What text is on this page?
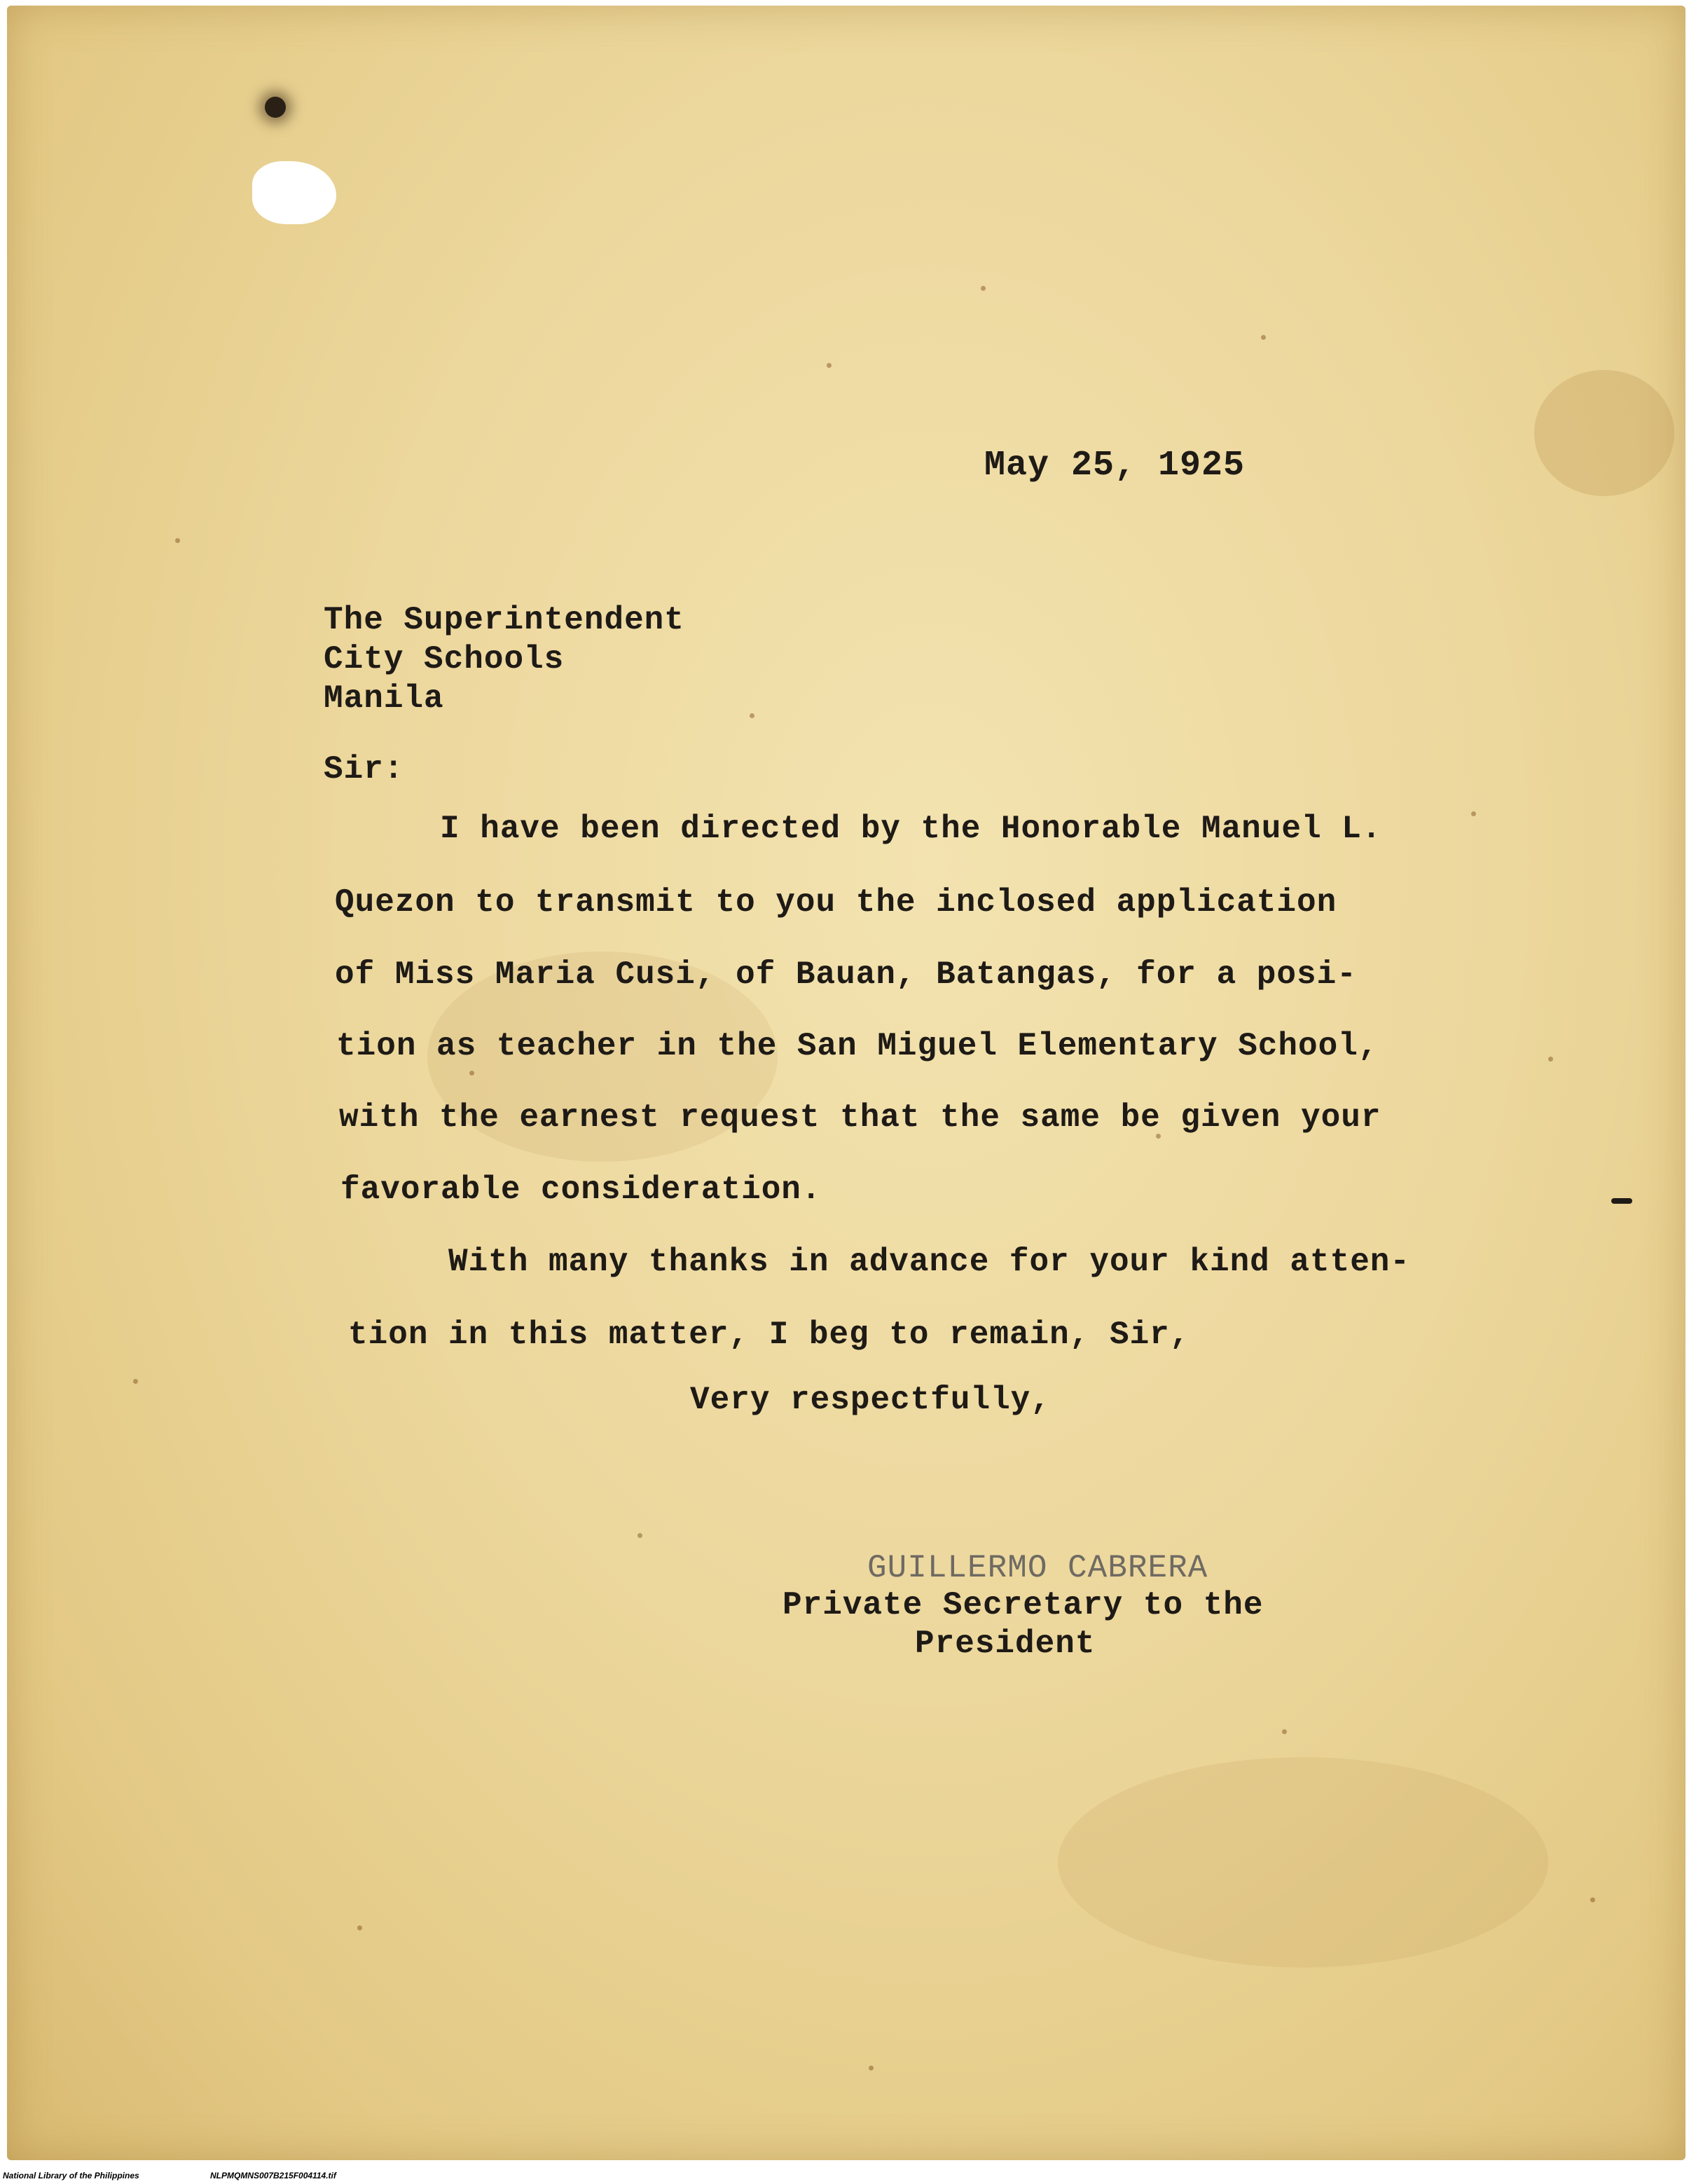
May 25, 1925
The Superintendent
City Schools
Manila
Sir:
I have been directed by the Honorable Manuel L.
Quezon to transmit to you the inclosed application
of Miss Maria Cusi, of Bauan, Batangas, for a posi-
tion as teacher in the San Miguel Elementary School,
with the earnest request that the same be given your
favorable consideration.
With many thanks in advance for your kind atten-
tion in this matter, I beg to remain, Sir,
Very respectfully,
GUILLERMO CABRERA
Private Secretary to the
President
National Library of the Philippines	NLPMQMNS007B215F004114.tif
